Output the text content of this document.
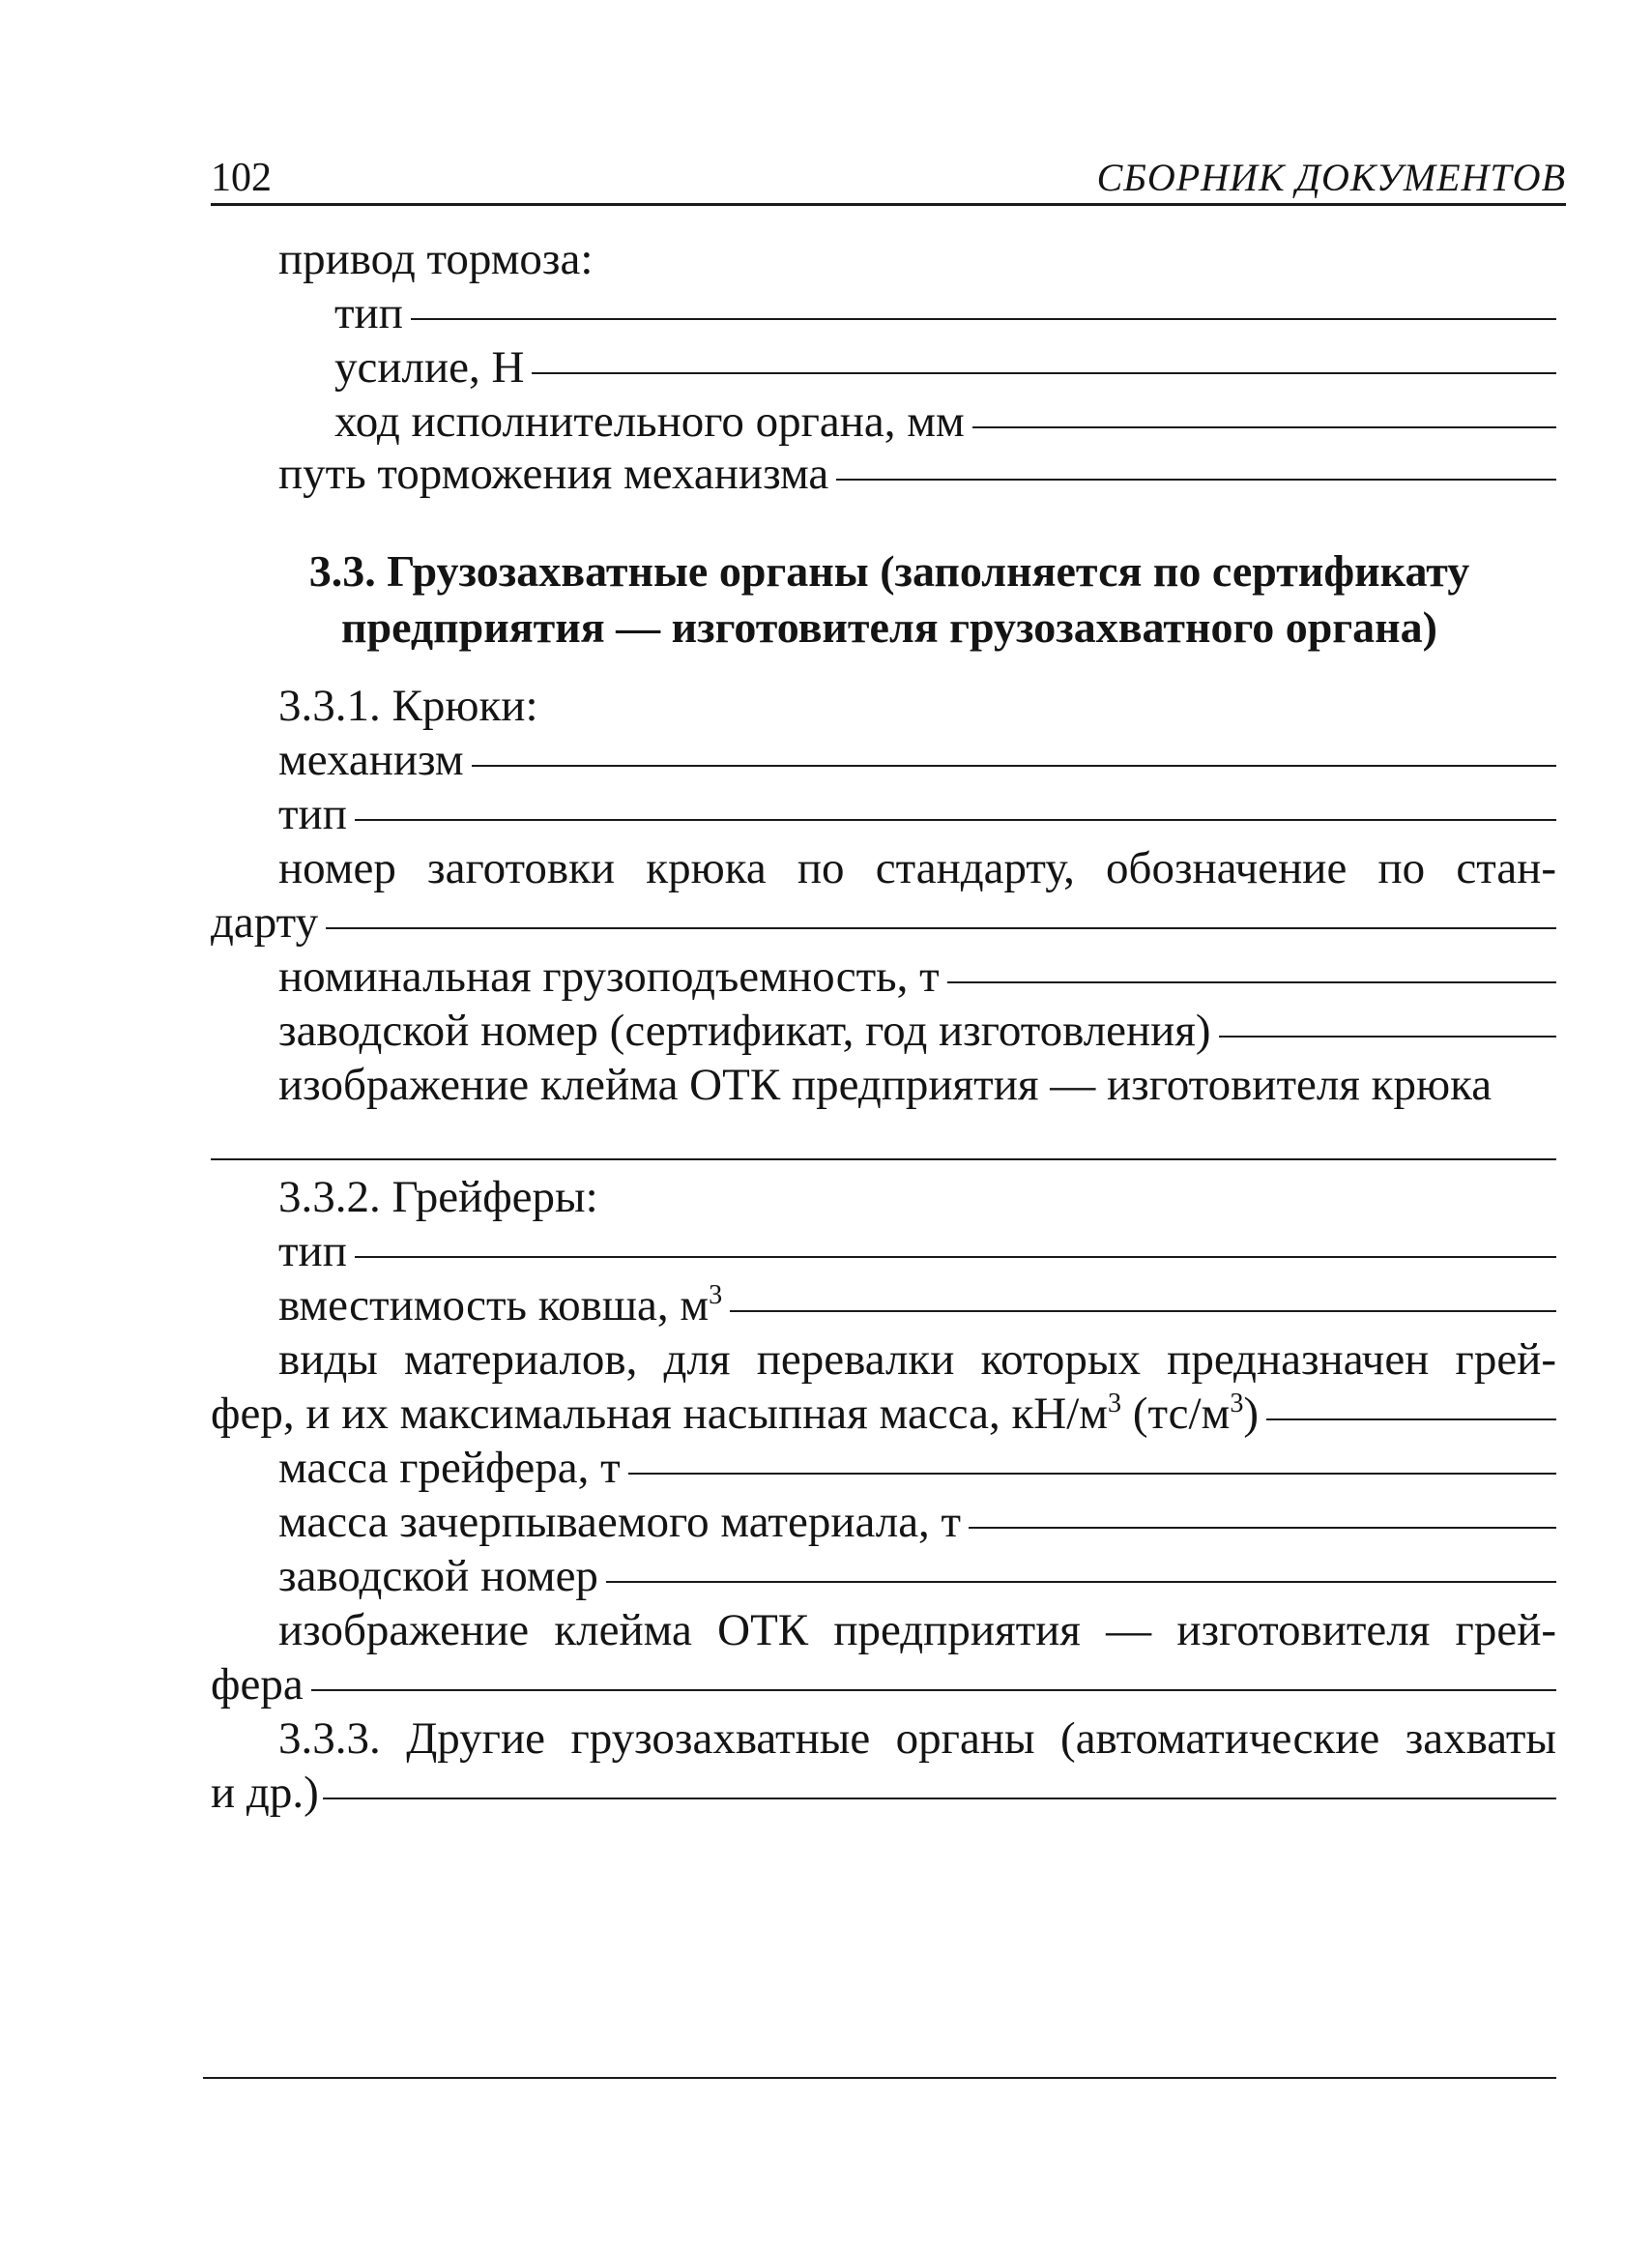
102	СБОРНИК ДОКУМЕНТОВ
привод тормоза:
тип
усилие, Н
ход исполнительного органа, мм
путь торможения механизма
3.3. Грузозахватные органы (заполняется по сертификату
предприятия — изготовителя грузозахватного органа)
3.3.1. Крюки:
механизм
тип
номер заготовки крюка по стандарту, обозначение по стан-
дарту
номинальная грузоподъемность, т
заводской номер (сертификат, год изготовления)
изображение клейма ОТК предприятия — изготовителя крюка
3.3.2. Грейферы:
тип
вместимость ковша, $м^3$
виды материалов, для перевалки которых предназначен грей-
фер, и их максимальная насыпная масса, $кН/м^3$ $(тс/м^3)$
масса грейфера, т
масса зачерпываемого материала, т
заводской номер
изображение клейма ОТК предприятия — изготовителя грей-
фера
3.3.3. Другие грузозахватные органы (автоматические захваты
и др.)
